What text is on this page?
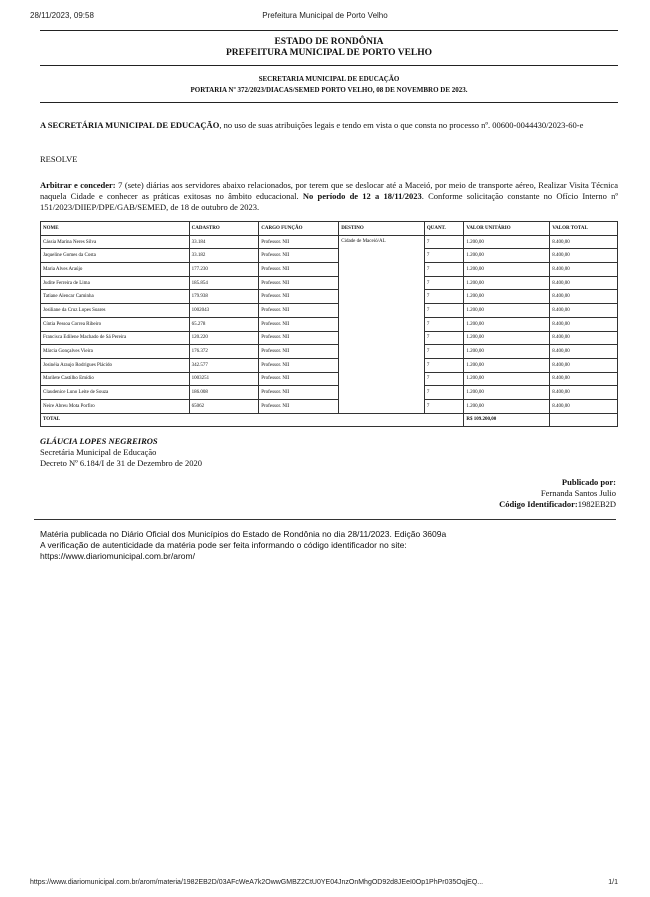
28/11/2023, 09:58	Prefeitura Municipal de Porto Velho
ESTADO DE RONDÔNIA
PREFEITURA MUNICIPAL DE PORTO VELHO
SECRETARIA MUNICIPAL DE EDUCAÇÃO
PORTARIA Nº 372/2023/DIACAS/SEMED PORTO VELHO, 08 DE NOVEMBRO DE 2023.
A SECRETÁRIA MUNICIPAL DE EDUCAÇÃO, no uso de suas atribuições legais e tendo em vista o que consta no processo nº. 00600-0044430/2023-60-e
RESOLVE
Arbitrar e conceder: 7 (sete) diárias aos servidores abaixo relacionados, por terem que se deslocar até a Maceió, por meio de transporte aéreo, Realizar Visita Técnica naquela Cidade e conhecer as práticas exitosas no âmbito educacional. No período de 12 a 18/11/2023. Conforme solicitação constante no Ofício Interno nº 151/2023/DIIEP/DPE/GAB/SEMED, de 18 de outubro de 2023.
NOME	CADASTRO	CARGO FUNÇÃO	DESTINO	QUANT.	VALOR UNITÁRIO	VALOR TOTAL
Cássia Marina Neres Silva	33.184	Professor. NII	Cidade de Maceió/AL	7	1.200,00	8.400,00
Jaqueline Gomes da Costa	33.182	Professor. NII		7	1.200,00	8.400,00
Maria Alves Araújo	177.230	Professor. NII		7	1.200,00	8.400,00
Judite Ferreira de Lima	185.854	Professor. NII		7	1.200,00	8.400,00
Tatiane Alencar Caminha	179.938	Professor. NII		7	1.200,00	8.400,00
Josiliane da Cruz Lopes Soares	1002043	Professor. NII		7	1.200,00	8.400,00
Cíntia Pessoa Correa Ribeiro	65.278	Professor. NII		7	1.200,00	8.400,00
Francisca Edilene Machado de Sá Pereira	120.220	Professor. NII		7	1.200,00	8.400,00
Márcia Gonçalves Vieira	176.372	Professor. NII		7	1.200,00	8.400,00
Josinéia Araujo Rodrigues Plácido	342.577	Professor. NII		7	1.200,00	8.400,00
Marilete Castilho Emídio	1003251	Professor. NII		7	1.200,00	8.400,00
Claudenice Luno Leite de Souza	186.008	Professor. NII		7	1.200,00	8.400,00
Neire Abreu Mota Porfiro	65062	Professor. NII		7	1.200,00	8.400,00
TOTAL					R$ 109.200,00	
GLÁUCIA LOPES NEGREIROS
Secretária Municipal de Educação
Decreto Nº 6.184/I de 31 de Dezembro de 2020
Publicado por:
Fernanda Santos Julio
Código Identificador:1982EB2D
Matéria publicada no Diário Oficial dos Municípios do Estado de Rondônia no dia 28/11/2023. Edição 3609a
A verificação de autenticidade da matéria pode ser feita informando o código identificador no site:
https://www.diariomunicipal.com.br/arom/
https://www.diariomunicipal.com.br/arom/materia/1982EB2D/03AFcWeA7k2OwwGMBZ2CtU0YE04JnzOnMhgOD92d8JEeI0Op1PhPr035OqjEQ...	1/1
